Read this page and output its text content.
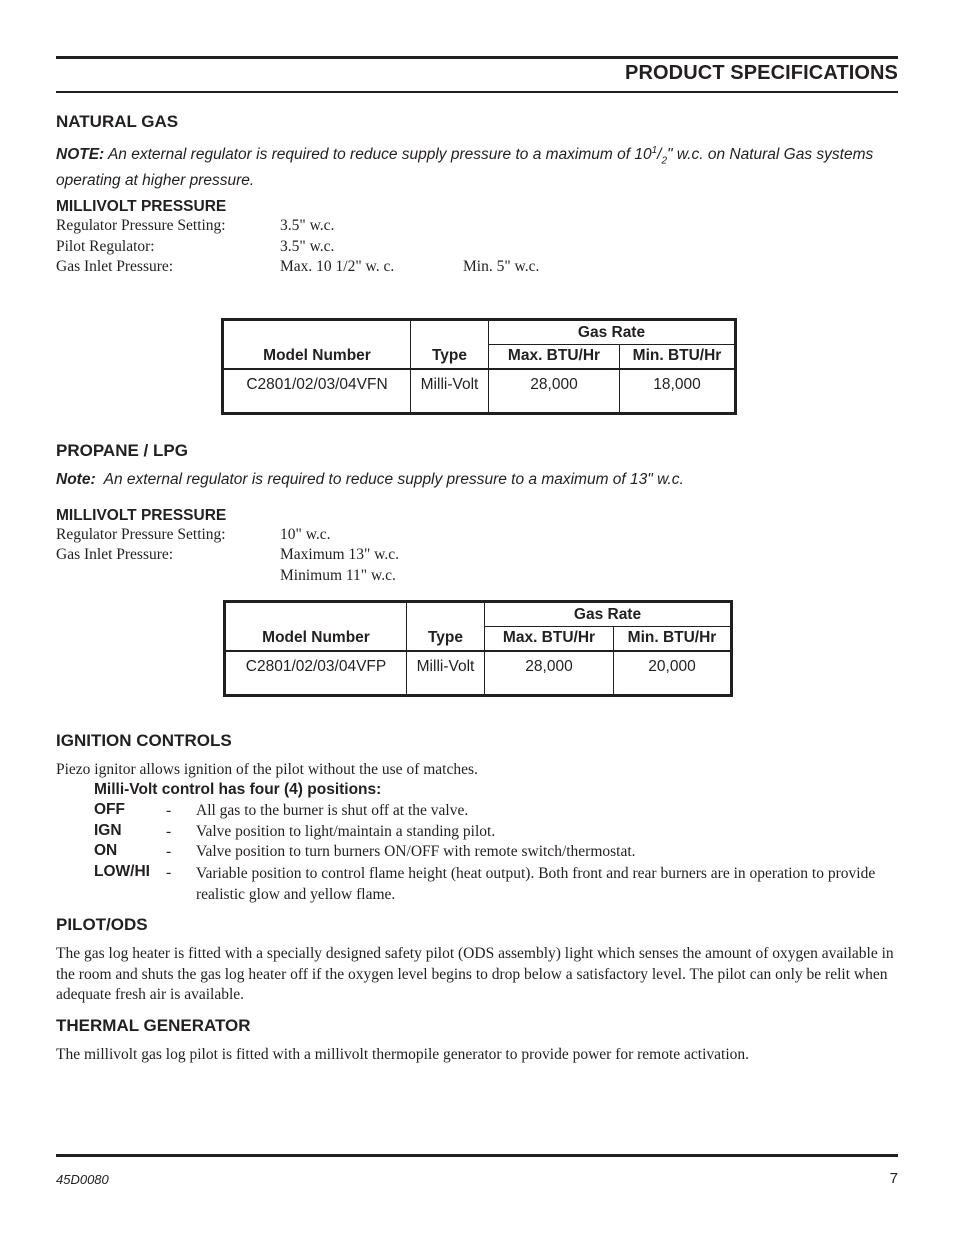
PRODUCT SPECIFICATIONS
NATURAL GAS
NOTE: An external regulator is required to reduce supply pressure to a maximum of $10^1/_2$" w.c. on Natural Gas systems operating at higher pressure.
MILLIVOLT PRESSURE
Regulator Pressure Setting:	3.5" w.c.
Pilot Regulator:	3.5" w.c.
Gas Inlet Pressure:	Max. 10 1/2" w. c.	Min. 5" w.c.
Model Number	Type	Gas Rate	
		Max. BTU/Hr	Min. BTU/Hr
C2801/02/03/04VFN	Milli-Volt	28,000	18,000
PROPANE / LPG
Note:  An external regulator is required to reduce supply pressure to a maximum of 13" w.c.
MILLIVOLT PRESSURE
Regulator Pressure Setting:	10" w.c.
Gas Inlet Pressure:	Maximum 13" w.c.
Minimum 11" w.c.
Model Number	Type	Gas Rate	
		Max. BTU/Hr	Min. BTU/Hr
C2801/02/03/04VFP	Milli-Volt	28,000	20,000
IGNITION CONTROLS
Piezo ignitor allows ignition of the pilot without the use of matches.
Milli-Volt control has four (4) positions:
OFF	- All gas to the burner is shut off at the valve.
IGN	- Valve position to light/maintain a standing pilot.
ON	- Valve position to turn burners ON/OFF with remote switch/thermostat.
LOW/HI - Variable position to control flame height (heat output). Both front and rear burners are in operation to provide realistic glow and yellow flame.
PILOT/ODS
The gas log heater is fitted with a specially designed safety pilot (ODS assembly) light which senses the amount of oxygen available in the room and shuts the gas log heater off if the oxygen level begins to drop below a satisfactory level. The pilot can only be relit when adequate fresh air is available.
THERMAL GENERATOR
The millivolt gas log pilot is fitted with a millivolt thermopile generator to provide power for remote activation.
45D0080	7
